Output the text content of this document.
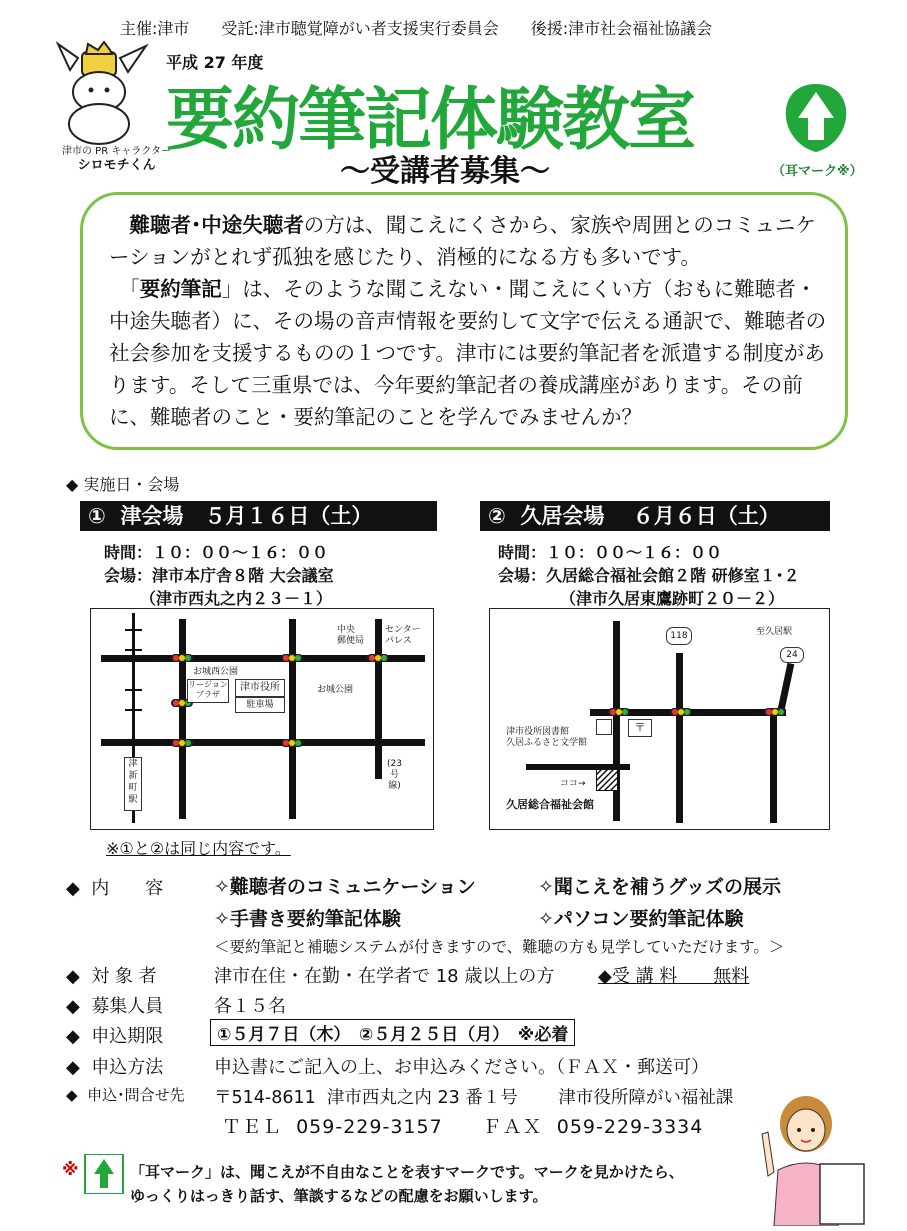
主催:津市　　受託:津市聴覚障がい者支援実行委員会　　後援:津市社会福祉協議会
津市の PR キャラクター
シロモチくん
平成 27 年度
要約筆記体験教室
～受講者募集～	（耳マーク※）

　難聴者･中途失聴者の方は、聞こえにくさから、家族や周囲とのコミュニケーションがとれず孤独を感じたり、消極的になる方も多いです。

　「要約筆記」は、そのような聞こえない・聞こえにくい方（おもに難聴者・中途失聴者）に、その場の音声情報を要約して文字で伝える通訳で、難聴者の社会参加を支援するものの１つです。津市には要約筆記者を派遣する制度があります。そして三重県では、今年要約筆記者の養成講座があります。その前に、難聴者のこと・要約筆記のことを学んでみませんか？

◆ 実施日・会場
①  津会場　５月１６日（土）
時間：１０：００～１６：００
会場：津市本庁舎８階 大会議室
（津市西丸之内２３－１）
②  久居会場　 ６月６日（土）
時間：１０：００～１６：００
会場：久居総合福祉会館２階 研修室１･２
（津市久居東鷹跡町２０－２）
中央
郵便局
センター
パレス
お城西公園
リージョン プラザ
津市役所
駐車場
お城公園
(23
号
線)
津 新 町 駅
118	至久居駅
24
〒
津市役所図書館
久居ふるさと文学館
ココ→
久居総合福祉会館
※①と②は同じ内容です。
◆  内　　容	✧難聴者のコミュニケーション	✧聞こえを補うグッズの展示
✧手書き要約筆記体験	✧パソコン要約筆記体験
＜要約筆記と補聴システムが付きますので、難聴の方も見学していただけます。＞
◆  対 象 者	津市在住・在勤・在学者で 18 歳以上の方 ◆受 講 料　　無料
◆  募集人員	各１５名
◆  申込期限	①５月７日（木）　②５月２５日（月）　※必着
◆  申込方法	申込書にご記入の上、お申込みください。（ＦＡＸ・郵送可）
◆  申込･問合せ先 〒514-8611  津市西丸之内 23 番１号　　 津市役所障がい福祉課
ＴＥＬ  059-229-3157　　ＦＡＸ  059-229-3334
※	「耳マーク」は、聞こえが不自由なことを表すマークです。マークを見かけたら、
ゆっくりはっきり話す、筆談するなどの配慮をお願いします。
